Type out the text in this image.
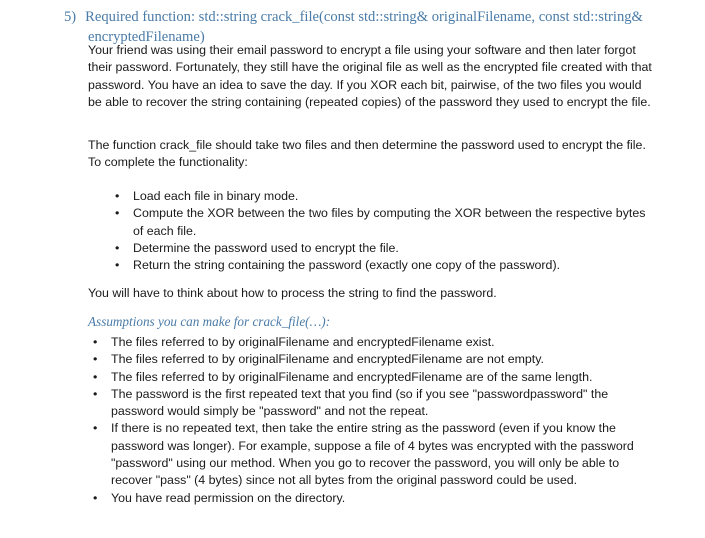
5) Required function: std::string crack_file(const std::string& originalFilename, const std::string& encryptedFilename)
Your friend was using their email password to encrypt a file using your software and then later forgot their password. Fortunately, they still have the original file as well as the encrypted file created with that password. You have an idea to save the day. If you XOR each bit, pairwise, of the two files you would be able to recover the string containing (repeated copies) of the password they used to encrypt the file.
The function crack_file should take two files and then determine the password used to encrypt the file. To complete the functionality:
•	Load each file in binary mode.
•	Compute the XOR between the two files by computing the XOR between the respective bytes of each file.
•	Determine the password used to encrypt the file.
•	Return the string containing the password (exactly one copy of the password).
You will have to think about how to process the string to find the password.
Assumptions you can make for crack_file(…):
•	The files referred to by originalFilename and encryptedFilename exist.
•	The files referred to by originalFilename and encryptedFilename are not empty.
•	The files referred to by originalFilename and encryptedFilename are of the same length.
•	The password is the first repeated text that you find (so if you see "passwordpassword" the password would simply be "password" and not the repeat.
•	If there is no repeated text, then take the entire string as the password (even if you know the password was longer). For example, suppose a file of 4 bytes was encrypted with the password "password" using our method. When you go to recover the password, you will only be able to recover "pass" (4 bytes) since not all bytes from the original password could be used.
•	You have read permission on the directory.
